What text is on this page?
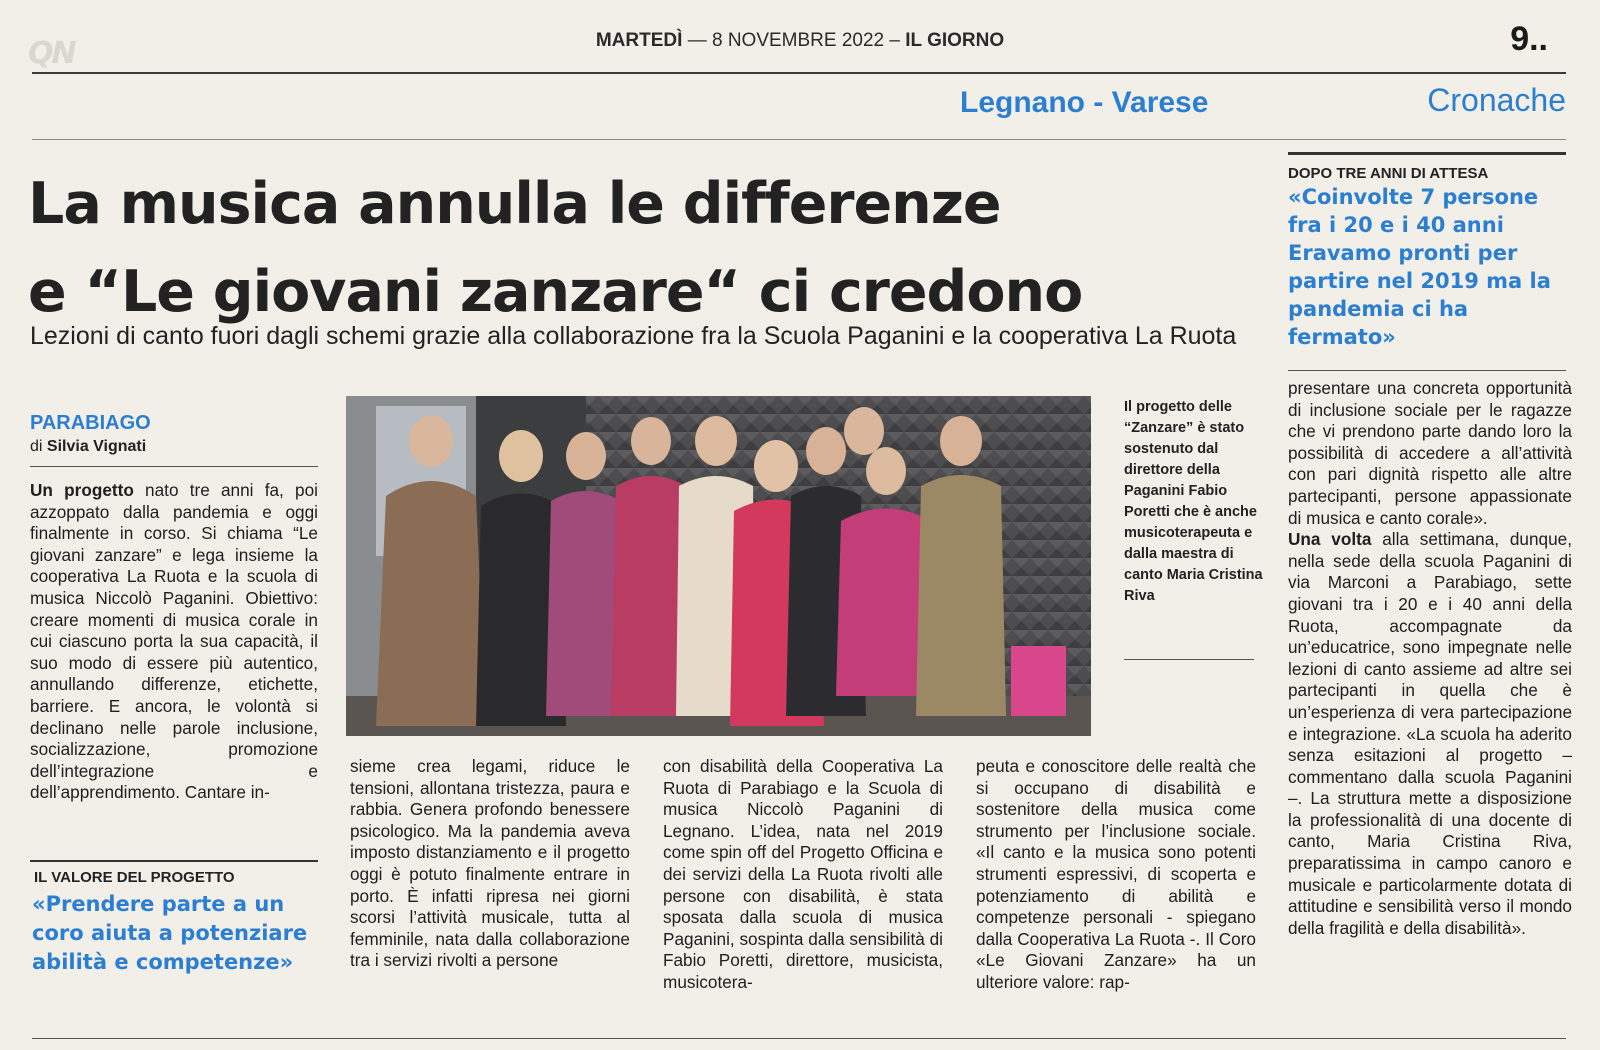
QN	MARTEDÌ — 8 NOVEMBRE 2022 – IL GIORNO	9..
Legnano - Varese	Cronache
La musica annulla le differenze
e “Le giovani zanzare“ ci credono
Lezioni di canto fuori dagli schemi grazie alla collaborazione fra la Scuola Paganini e la cooperativa La Ruota
DOPO TRE ANNI DI ATTESA
«Coinvolte 7 persone fra i 20 e i 40 anni Eravamo pronti per partire nel 2019 ma la pandemia ci ha fermato»
PARABIAGO
di Silvia Vignati
Un progetto nato tre anni fa, poi azzoppato dalla pandemia e oggi finalmente in corso. Si chiama “Le giovani zanzare” e lega insieme la cooperativa La Ruota e la scuola di musica Niccolò Paganini. Obiettivo: creare momenti di musica corale in cui ciascuno porta la sua capacità, il suo modo di essere più autentico, annullando differenze, etichette, barriere. E ancora, le volontà si declinano nelle parole inclusione, socializzazione, promozione dell’integrazione e dell’apprendimento. Cantare in-
Il progetto delle “Zanzare” è stato sostenuto dal direttore della Paganini Fabio Poretti che è anche musicoterapeuta e dalla maestra di canto Maria Cristina Riva
sieme crea legami, riduce le tensioni, allontana tristezza, paura e rabbia. Genera profondo benessere psicologico. Ma la pandemia aveva imposto distanziamento e il progetto oggi è potuto finalmente entrare in porto. È infatti ripresa nei giorni scorsi l’attività musicale, tutta al femminile, nata dalla collaborazione tra i servizi rivolti a persone
con disabilità della Cooperativa La Ruota di Parabiago e la Scuola di musica Niccolò Paganini di Legnano. L’idea, nata nel 2019 come spin off del Progetto Officina e dei servizi della La Ruota rivolti alle persone con disabilità, è stata sposata dalla scuola di musica Paganini, sospinta dalla sensibilità di Fabio Poretti, direttore, musicista, musicotera-
peuta e conoscitore delle realtà che si occupano di disabilità e sostenitore della musica come strumento per l’inclusione sociale. «Il canto e la musica sono potenti strumenti espressivi, di scoperta e potenziamento di abilità e competenze personali - spiegano dalla Cooperativa La Ruota -. Il Coro «Le Giovani Zanzare» ha un ulteriore valore: rap-
presentare una concreta opportunità di inclusione sociale per le ragazze che vi prendono parte dando loro la possibilità di accedere a all’attività con pari dignità rispetto alle altre partecipanti, persone appassionate di musica e canto corale».
Una volta alla settimana, dunque, nella sede della scuola Paganini di via Marconi a Parabiago, sette giovani tra i 20 e i 40 anni della Ruota, accompagnate da un’educatrice, sono impegnate nelle lezioni di canto assieme ad altre sei partecipanti in quella che è un’esperienza di vera partecipazione e integrazione. «La scuola ha aderito senza esitazioni al progetto – commentano dalla scuola Paganini –. La struttura mette a disposizione la professionalità di una docente di canto, Maria Cristina Riva, preparatissima in campo canoro e musicale e particolarmente dotata di attitudine e sensibilità verso il mondo della fragilità e della disabilità».
IL VALORE DEL PROGETTO
«Prendere parte a un coro aiuta a potenziare abilità e competenze»
